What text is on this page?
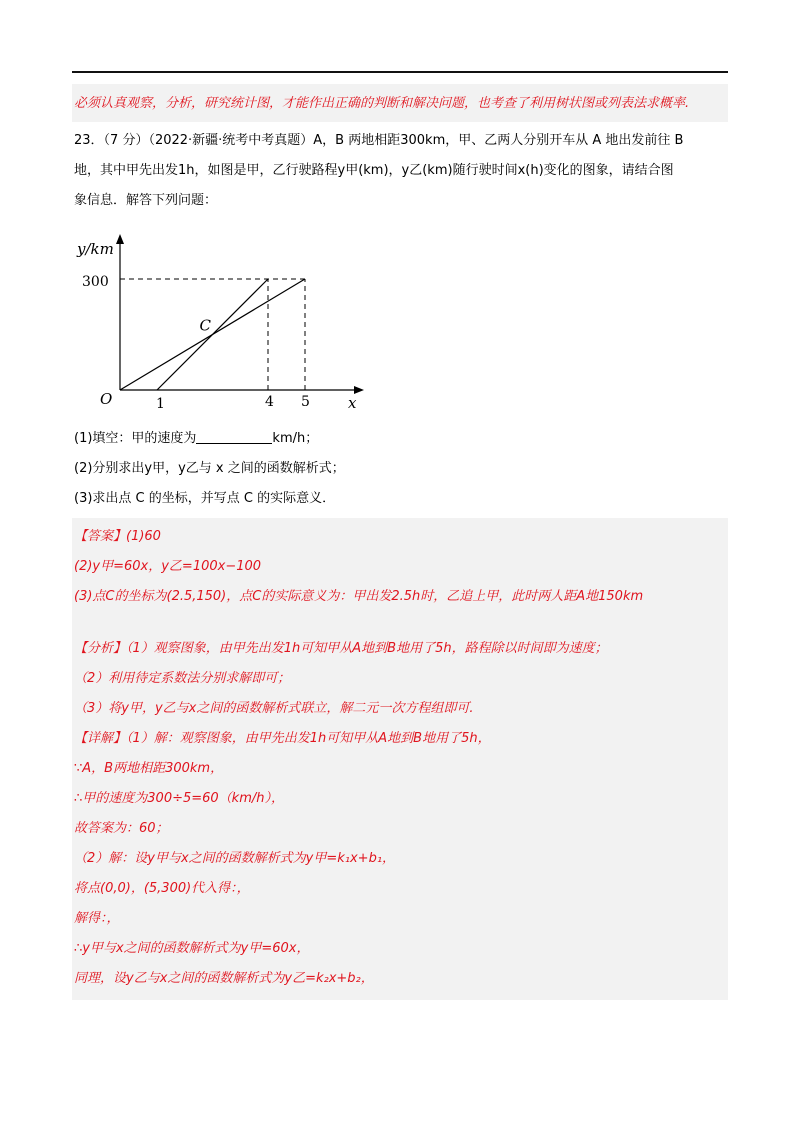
必须认真观察，分析，研究统计图，才能作出正确的判断和解决问题，也考查了利用树状图或列表法求概率.
23．（7 分）（2022·新疆·统考中考真题）A，B 两地相距300km，甲、乙两人分别开车从 A 地出发前往 B
地，其中甲先出发1h，如图是甲，乙行驶路程y甲(km)，y乙(km)随行驶时间x(h)变化的图象，请结合图
象信息．解答下列问题：
y/km
x
O
300
1	4 5
C
(1)填空：甲的速度为	km/h；
(2)分别求出y甲，y乙与 x 之间的函数解析式；
(3)求出点 C 的坐标，并写点 C 的实际意义．
【答案】(1)60
(2)y甲=60x，y乙=100x−100
(3)点C的坐标为(2.5,150)，点C的实际意义为：甲出发2.5h时，乙追上甲，此时两人距A地150km
【分析】（1）观察图象，由甲先出发1h可知甲从A地到B地用了5h，路程除以时间即为速度；
（2）利用待定系数法分别求解即可；
（3）将y甲，y乙与x之间的函数解析式联立，解二元一次方程组即可.
【详解】（1）解：观察图象，由甲先出发1h可知甲从A地到B地用了5h，
∵A，B两地相距300km，
∴甲的速度为300÷5=60（km/h），
故答案为：60；
（2）解：设y甲与x之间的函数解析式为y甲=k₁x+b₁，
将点(0,0)，(5,300)代入得：，
解得：，
∴y甲与x之间的函数解析式为y甲=60x，
同理，设y乙与x之间的函数解析式为y乙=k₂x+b₂，
